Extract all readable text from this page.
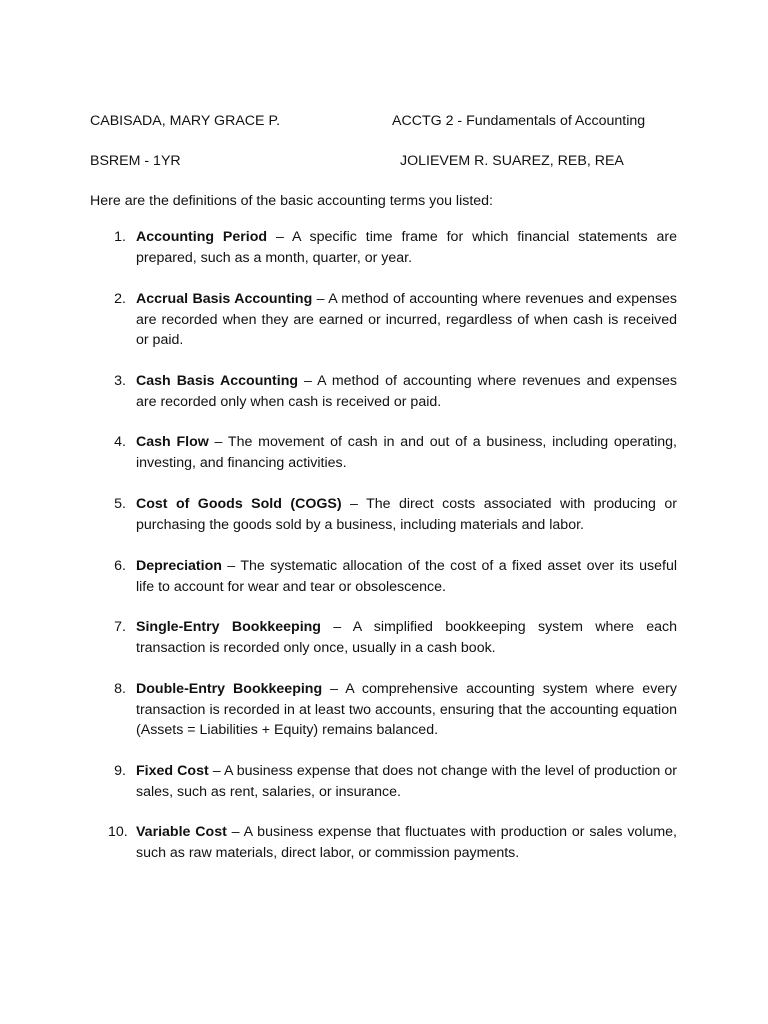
CABISADA, MARY GRACE P.	ACCTG 2 - Fundamentals of Accounting
BSREM - 1YR	JOLIEVEM R. SUAREZ, REB, REA
Here are the definitions of the basic accounting terms you listed:
1. Accounting Period – A specific time frame for which financial statements are prepared, such as a month, quarter, or year.
2. Accrual Basis Accounting – A method of accounting where revenues and expenses are recorded when they are earned or incurred, regardless of when cash is received or paid.
3. Cash Basis Accounting – A method of accounting where revenues and expenses are recorded only when cash is received or paid.
4. Cash Flow – The movement of cash in and out of a business, including operating, investing, and financing activities.
5. Cost of Goods Sold (COGS) – The direct costs associated with producing or purchasing the goods sold by a business, including materials and labor.
6. Depreciation – The systematic allocation of the cost of a fixed asset over its useful life to account for wear and tear or obsolescence.
7. Single-Entry Bookkeeping – A simplified bookkeeping system where each transaction is recorded only once, usually in a cash book.
8. Double-Entry Bookkeeping – A comprehensive accounting system where every transaction is recorded in at least two accounts, ensuring that the accounting equation (Assets = Liabilities + Equity) remains balanced.
9. Fixed Cost – A business expense that does not change with the level of production or sales, such as rent, salaries, or insurance.
10. Variable Cost – A business expense that fluctuates with production or sales volume, such as raw materials, direct labor, or commission payments.
